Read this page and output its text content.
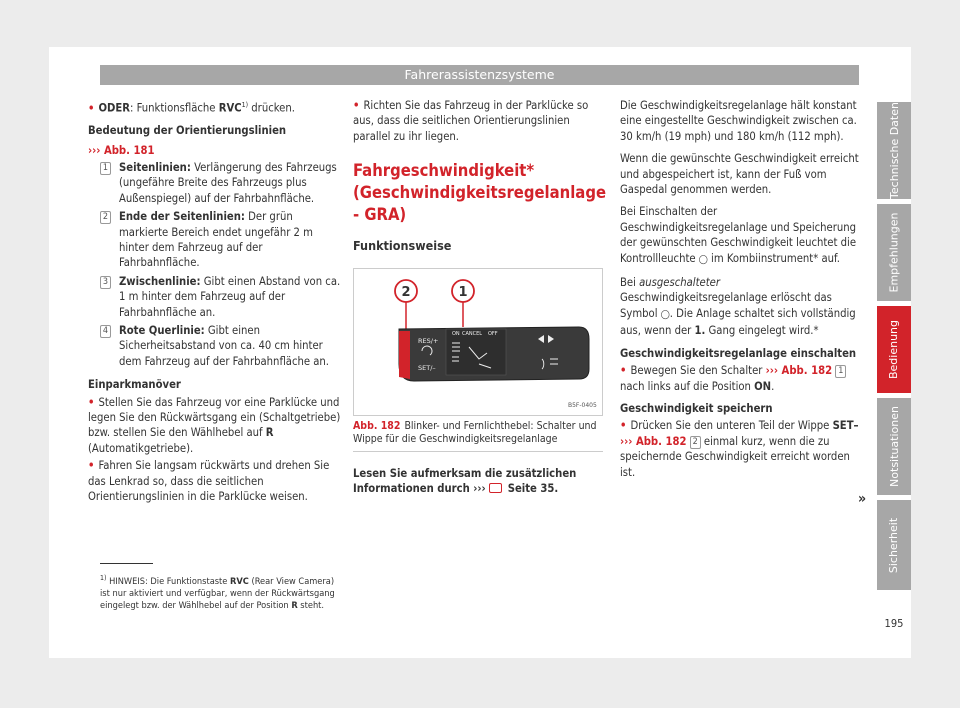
Fahrerassistenzsysteme

• ODER: Funktionsfläche RVC$^{1)}$ drücken.

Bedeutung der Orientierungslinien

››› Abb. 181

1 Seitenlinien: Verlängerung des Fahrzeugs (ungefähre Breite des Fahrzeugs plus Außenspiegel) auf der Fahrbahnfläche.
2 Ende der Seitenlinien: Der grün markierte Bereich endet ungefähr 2 m hinter dem Fahrzeug auf der Fahrbahnfläche.
3 Zwischenlinie: Gibt einen Abstand von ca. 1 m hinter dem Fahrzeug auf der Fahrbahnfläche an.
4 Rote Querlinie: Gibt einen Sicherheitsabstand von ca. 40 cm hinter dem Fahrzeug auf der Fahrbahnfläche an.

Einparkmanöver

• Stellen Sie das Fahrzeug vor eine Parklücke und legen Sie den Rückwärtsgang ein (Schaltgetriebe) bzw. stellen Sie den Wählhebel auf R (Automatikgetriebe).

• Fahren Sie langsam rückwärts und drehen Sie das Lenkrad so, dass die seitlichen Orientierungslinien in die Parklücke weisen.

• Richten Sie das Fahrzeug in der Parklücke so aus, dass die seitlichen Orientierungslinien parallel zu ihr liegen.

Fahrgeschwindigkeit* (Geschwindigkeitsregelanlage - GRA)
Funktionsweise
2	1
RES/+
SET/–
ON CANCEL OFF
B5F-0405
Abb. 182 Blinker- und Fernlichthebel: Schalter und Wippe für die Geschwindigkeitsregelanlage

Lesen Sie aufmerksam die zusätzlichen Informationen durch ›››  Seite 35.

Die Geschwindigkeitsregelanlage hält konstant eine eingestellte Geschwindigkeit zwischen ca. 30 km/h (19 mph) und 180 km/h (112 mph).

Wenn die gewünschte Geschwindigkeit erreicht und abgespeichert ist, kann der Fuß vom Gaspedal genommen werden.

Bei Einschalten der Geschwindigkeitsregelanlage und Speicherung der gewünschten Geschwindigkeit leuchtet die Kontrollleuchte ◯ im Kombiinstrument* auf.

Bei ausgeschalteter Geschwindigkeitsregelanlage erlöscht das Symbol ◯. Die Anlage schaltet sich vollständig aus, wenn der 1. Gang eingelegt wird.*

Geschwindigkeitsregelanlage einschalten

• Bewegen Sie den Schalter ››› Abb. 182 1 nach links auf die Position ON.

Geschwindigkeit speichern

• Drücken Sie den unteren Teil der Wippe SET– ››› Abb. 182 2 einmal kurz, wenn die zu speichernde Geschwindigkeit erreicht worden ist.

»
$^{1)}$ HINWEIS: Die Funktionstaste RVC (Rear View Camera) ist nur aktiviert und verfügbar, wenn der Rückwärtsgang eingelegt bzw. der Wählhebel auf der Position R steht.
Technische Daten
Empfehlungen
Bedienung
Notsituationen
Sicherheit
195
